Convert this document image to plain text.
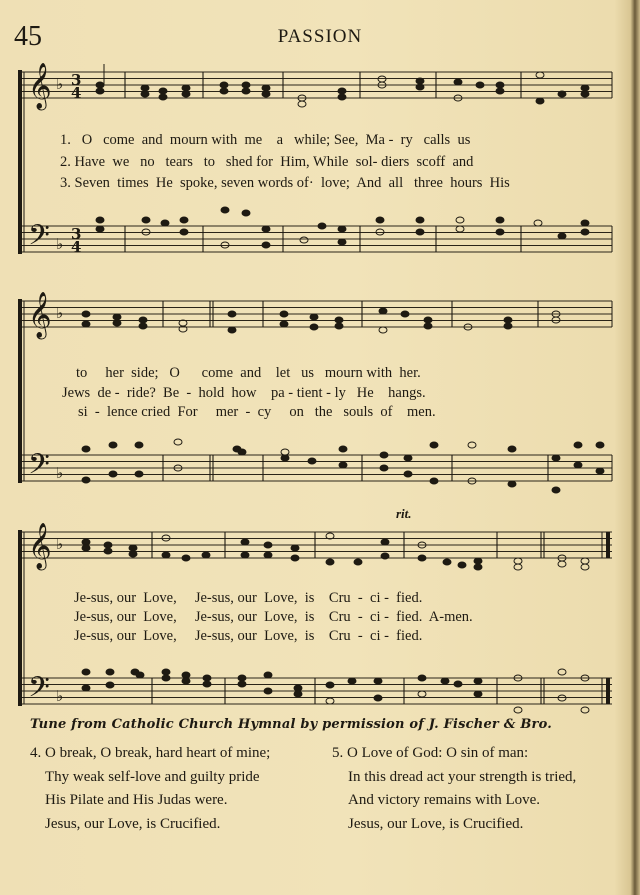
45	PASSION
𝄞
𝄢
𝄞
𝄢
𝄞
𝄢
♭
♭
♭
♭
♭
♭
3
4
3
4
rit.
1.   O   come  and  mourn with  me    a   while; See,  Ma -  ry   calls  us
2. Have  we   no   tears   to   shed for  Him, While  sol- diers  scoff  and
3. Seven  times  He  spoke, seven words of·  love;  And  all   three  hours  His
to     her  side;   O      come  and    let   us   mourn with  her.
Jews  de -  ride?  Be  -  hold  how    pa - tient - ly   He    hangs.
si  -  lence cried  For     mer  -  cy     on   the   souls  of    men.
Je-sus, our  Love,     Je-sus, our  Love,  is    Cru  -  ci -  fied.
Je-sus, our  Love,     Je-sus, our  Love,  is    Cru  -  ci -  fied.  A-men.
Je-sus, our  Love,     Je-sus, our  Love,  is    Cru  -  ci -  fied.
Tune from Catholic Church Hymnal by permission of J. Fischer & Bro.
4. O break, O break, hard heart of mine;
Thy weak self-love and guilty pride
His Pilate and His Judas were.
Jesus, our Love, is Crucified.
5. O Love of God: O sin of man:
In this dread act your strength is tried,
And victory remains with Love.
Jesus, our Love, is Crucified.
